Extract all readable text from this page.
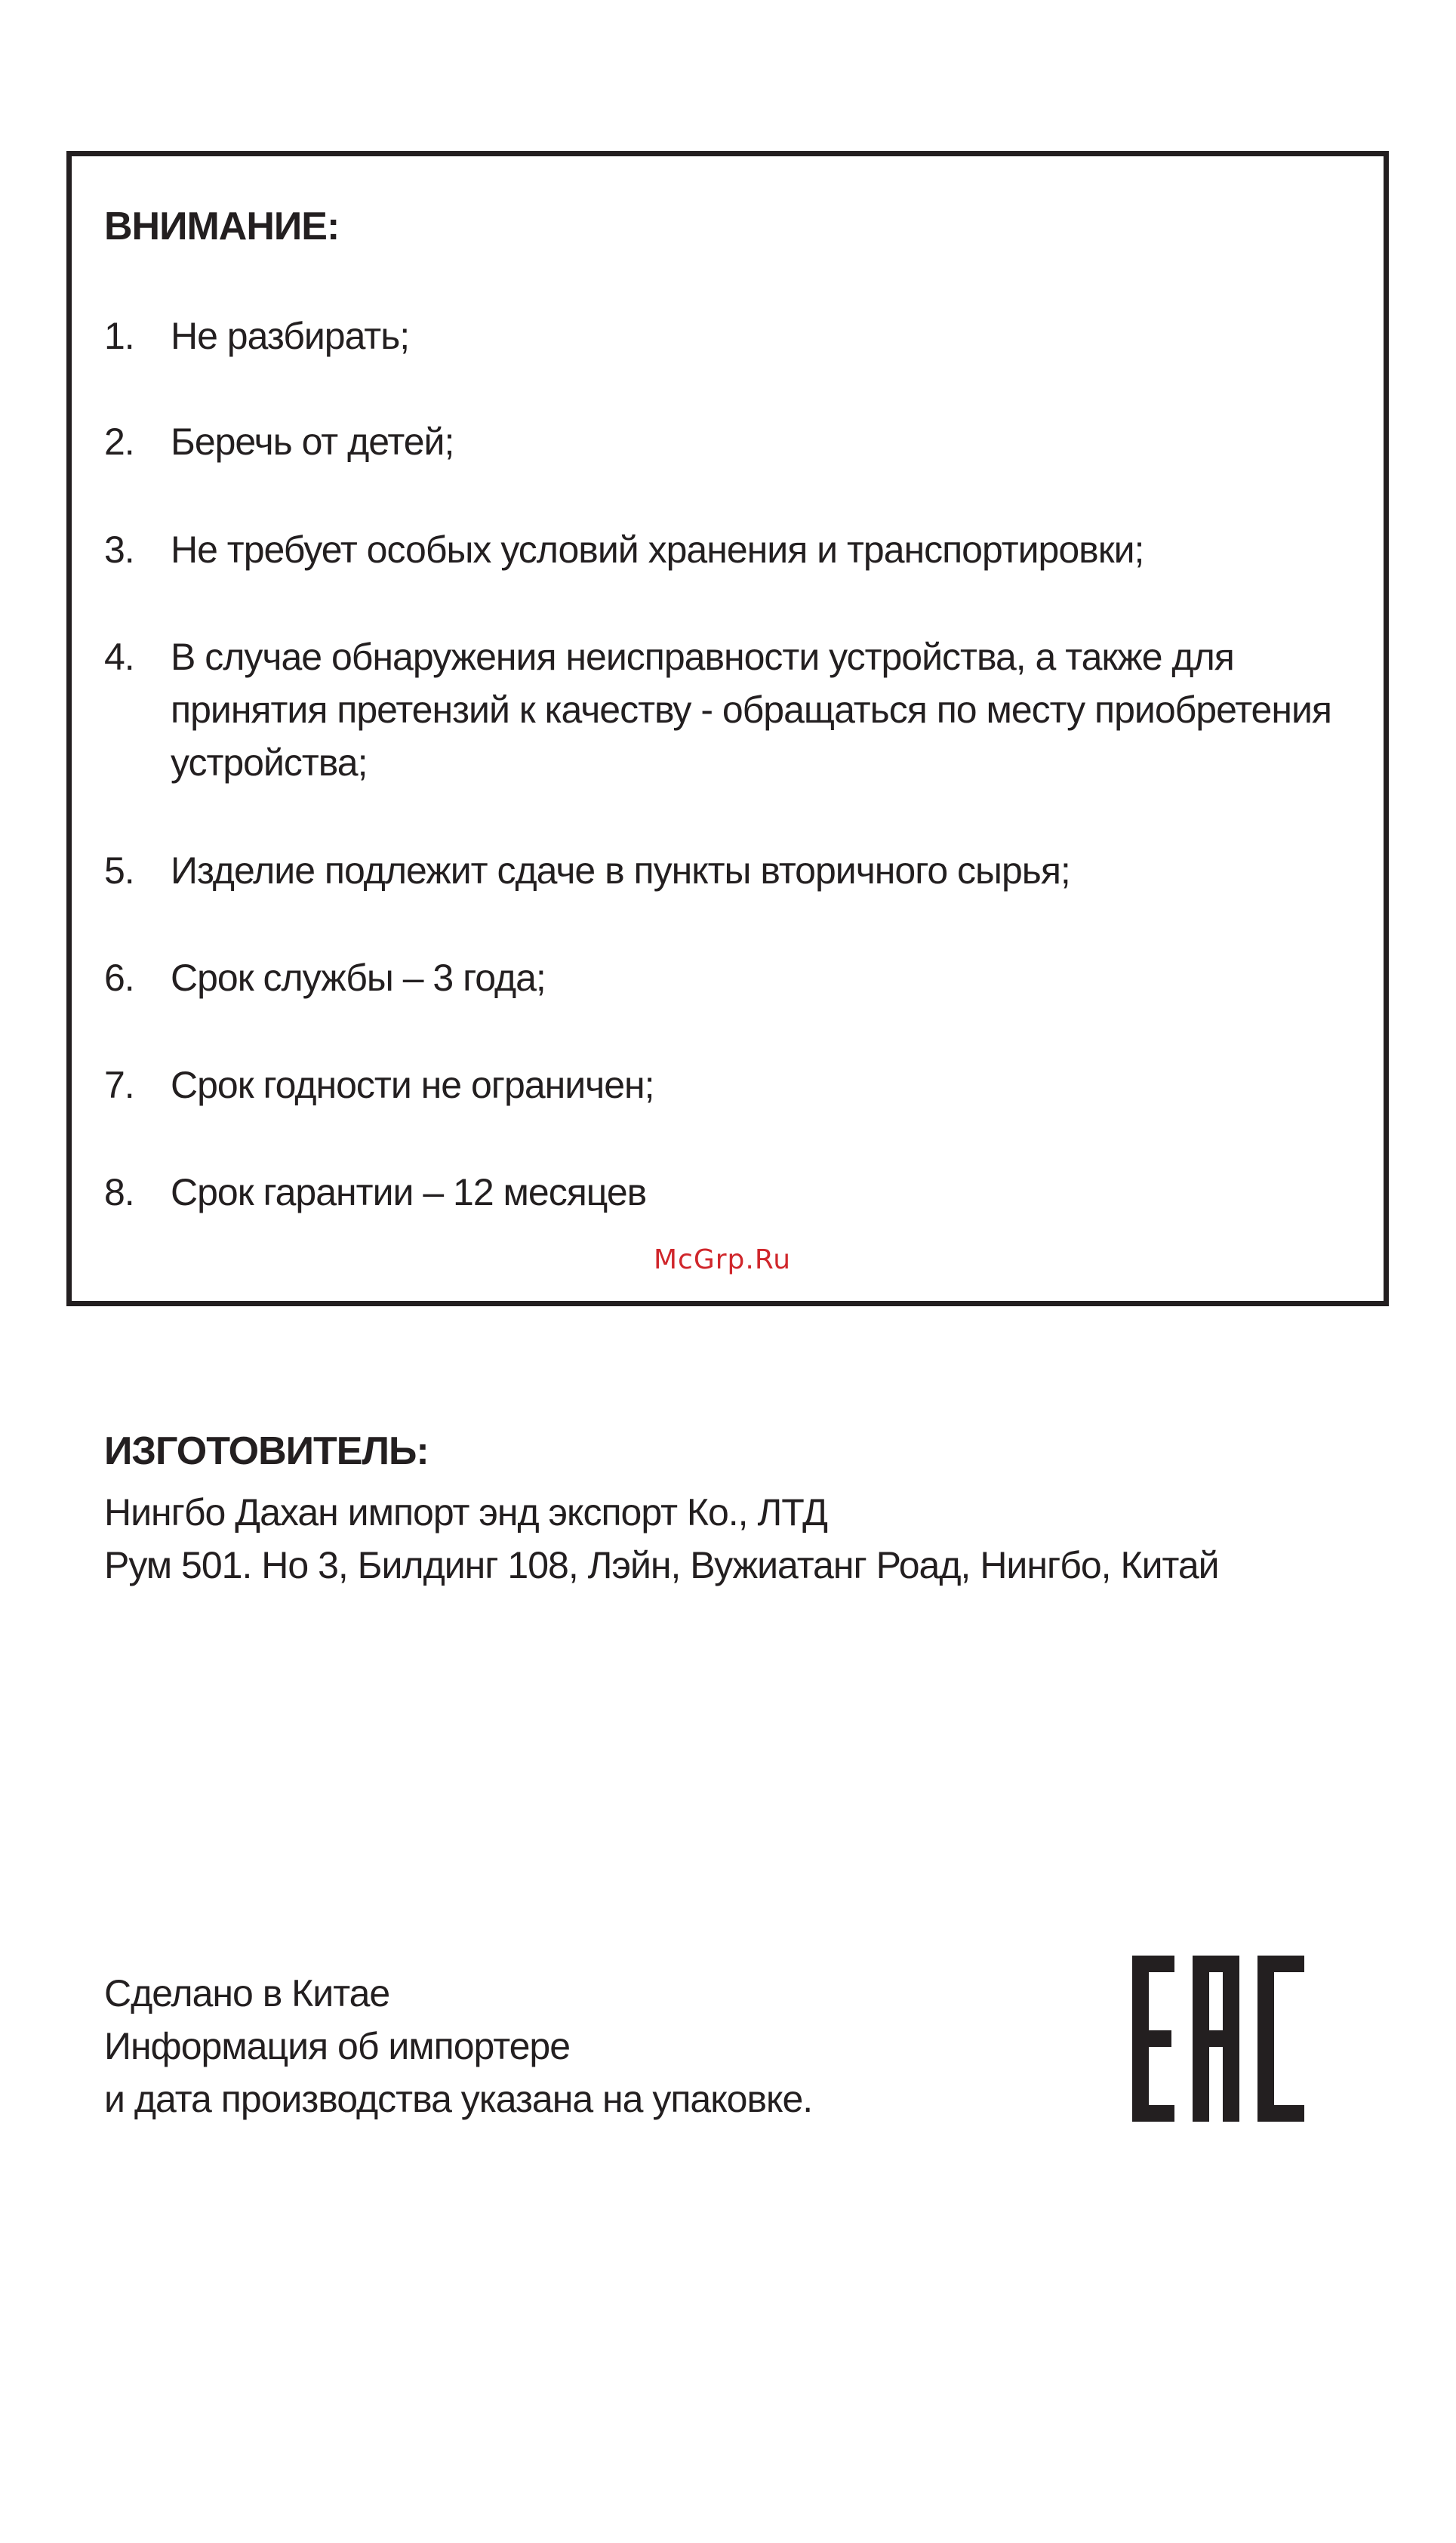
ВНИМАНИЕ:
1. Не разбирать;
2. Беречь от детей;
3. Не требует особых условий хранения и транспортировки;
4. В случае обнаружения неисправности устройства, а также для принятия претензий к качеству - обращаться по месту приобретения устройства;
5. Изделие подлежит сдаче в пункты вторичного сырья;
6. Срок службы – 3 года;
7. Срок годности не ограничен;
8. Срок гарантии – 12 месяцев
McGrp.Ru
ИЗГОТОВИТЕЛЬ:
Нингбо Дахан импорт энд экспорт Ко., ЛТД
Рум 501. Но 3, Билдинг 108, Лэйн, Вужиатанг Роад, Нингбо, Китай
Сделано в Китае
Информация об импортере
и дата производства указана на упаковке.
